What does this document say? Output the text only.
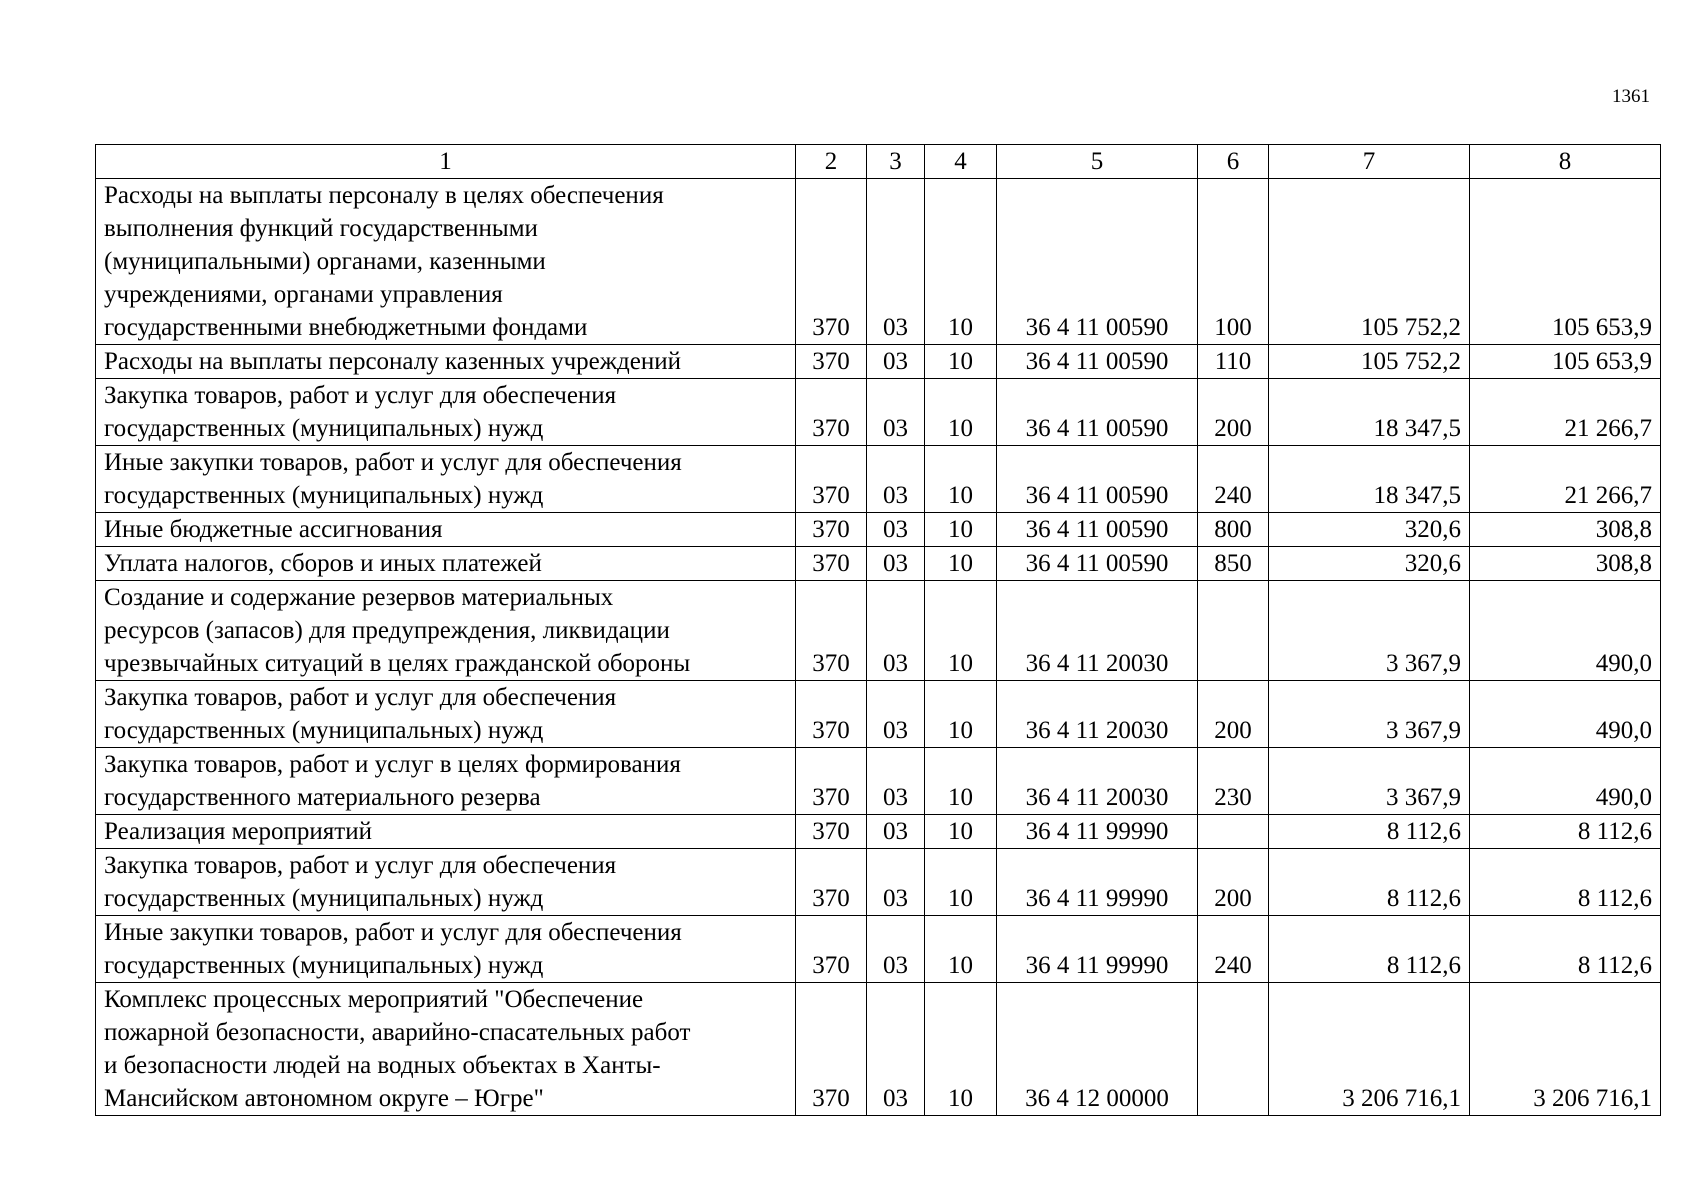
1361
1	2	3	4	5	6	7	8

Расходы на выплаты персоналу в целях обеспечения
выполнения функций государственными
(муниципальными) органами, казенными
учреждениями, органами управления
государственными внебюджетными фондами	370	03	10	36 4 11 00590	100	105 752,2	105 653,9

Расходы на выплаты персоналу казенных учреждений	370	03	10	36 4 11 00590	110	105 752,2	105 653,9

Закупка товаров, работ и услуг для обеспечения
государственных (муниципальных) нужд	370	03	10	36 4 11 00590	200	18 347,5	21 266,7

Иные закупки товаров, работ и услуг для обеспечения
государственных (муниципальных) нужд	370	03	10	36 4 11 00590	240	18 347,5	21 266,7

Иные бюджетные ассигнования	370	03	10	36 4 11 00590	800	320,6	308,8

Уплата налогов, сборов и иных платежей	370	03	10	36 4 11 00590	850	320,6	308,8

Создание и содержание резервов материальных
ресурсов (запасов) для предупреждения, ликвидации
чрезвычайных ситуаций в целях гражданской обороны	370	03	10	36 4 11 20030		3 367,9	490,0

Закупка товаров, работ и услуг для обеспечения
государственных (муниципальных) нужд	370	03	10	36 4 11 20030	200	3 367,9	490,0

Закупка товаров, работ и услуг в целях формирования
государственного материального резерва	370	03	10	36 4 11 20030	230	3 367,9	490,0

Реализация мероприятий	370	03	10	36 4 11 99990		8 112,6	8 112,6

Закупка товаров, работ и услуг для обеспечения
государственных (муниципальных) нужд	370	03	10	36 4 11 99990	200	8 112,6	8 112,6

Иные закупки товаров, работ и услуг для обеспечения
государственных (муниципальных) нужд	370	03	10	36 4 11 99990	240	8 112,6	8 112,6

Комплекс процессных мероприятий "Обеспечение
пожарной безопасности, аварийно-спасательных работ
и безопасности людей на водных объектах в Ханты-
Мансийском автономном округе – Югре"	370	03	10	36 4 12 00000		3 206 716,1	3 206 716,1
